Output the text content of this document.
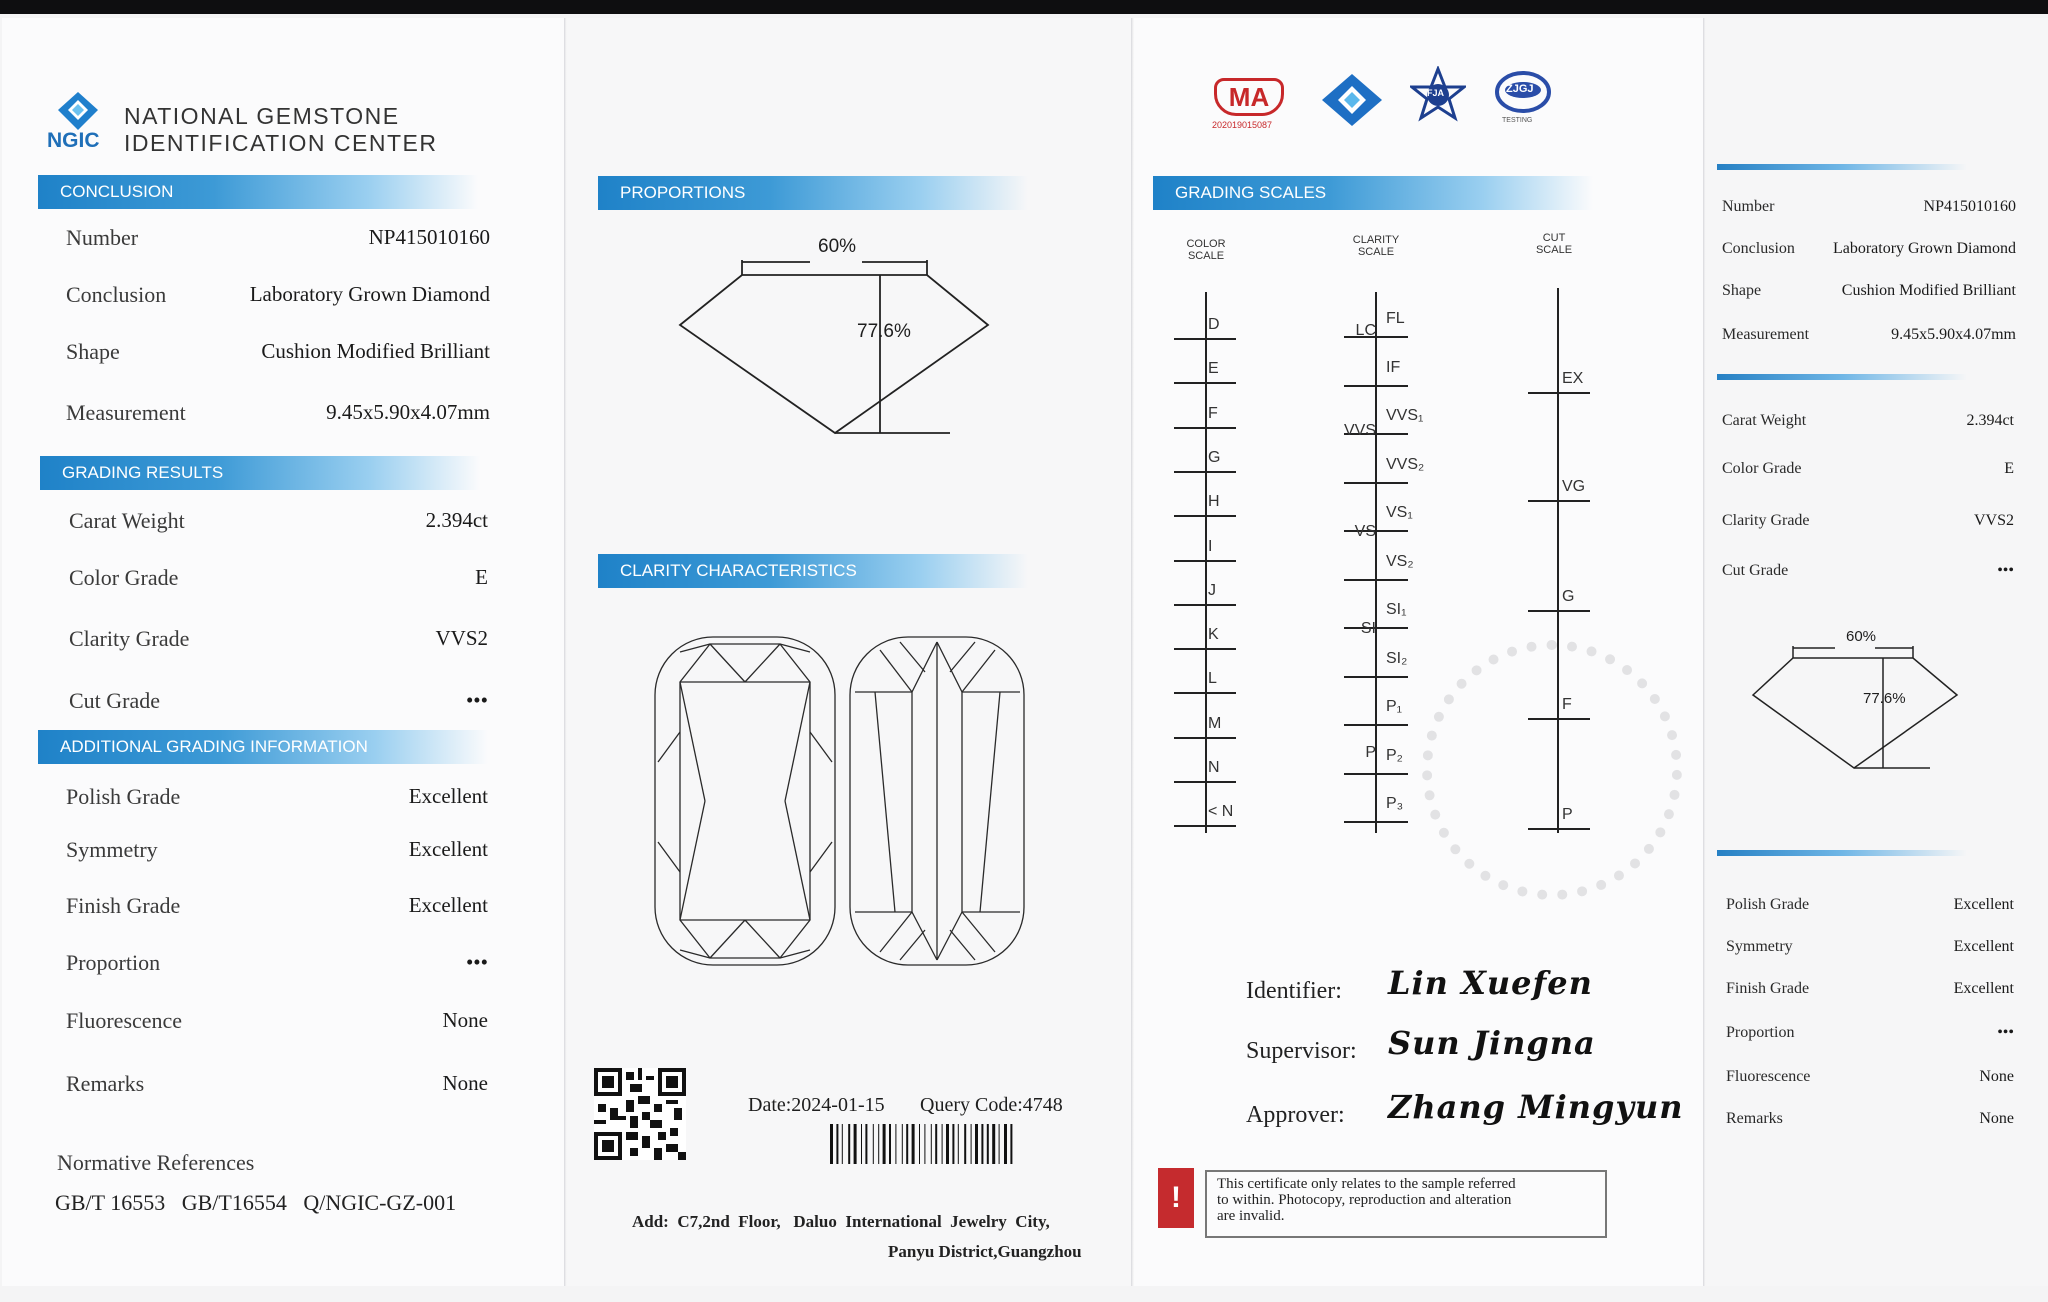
NGIC
NATIONAL GEMSTONE
IDENTIFICATION CENTER
CONCLUSION
Number	NP415010160
Conclusion	Laboratory Grown Diamond
Shape	Cushion Modified Brilliant
Measurement	9.45x5.90x4.07mm
GRADING RESULTS
Carat Weight	2.394ct
Color Grade	E
Clarity Grade	VVS2
Cut Grade	•••
ADDITIONAL GRADING INFORMATION
Polish Grade	Excellent
Symmetry	Excellent
Finish Grade	Excellent
Proportion	•••
Fluorescence	None
Remarks	None
Normative References
GB/T 16553   GB/T16554   Q/NGIC-GZ-001
PROPORTIONS
60%
77.6%
CLARITY CHARACTERISTICS
Date:2024-01-15 Query Code:4748
Add:  C7,2nd  Floor,   Daluo  International  Jewelry  City,
Panyu District,Guangzhou
MA
202019015087
FJA	ZJGJ
TESTING
GRADING SCALES
COLOR SCALE
CLARITY SCALE
CUT SCALE
D
E
F
G
H
I
J
K
L
M
N
< N
FL
IF
VVS₁
VVS₂
VS₁
VS₂
SI₁
SI₂
P₁
P₂
P₃
LC
VVS
VS
SI
P
EX
VG
G
F
P
Identifier: Lin Xuefen
Supervisor: Sun Jingna
Approver: Zhang Mingyun
!	This certificate only relates to the sample referred
to within. Photocopy, reproduction and alteration
are invalid.
Number	NP415010160
Conclusion	Laboratory Grown Diamond
Shape	Cushion Modified Brilliant
Measurement	9.45x5.90x4.07mm
Carat Weight	2.394ct
Color Grade	E
Clarity Grade	VVS2
Cut Grade	•••
60%
77.6%
Polish Grade	Excellent
Symmetry	Excellent
Finish Grade	Excellent
Proportion	•••
Fluorescence	None
Remarks	None
